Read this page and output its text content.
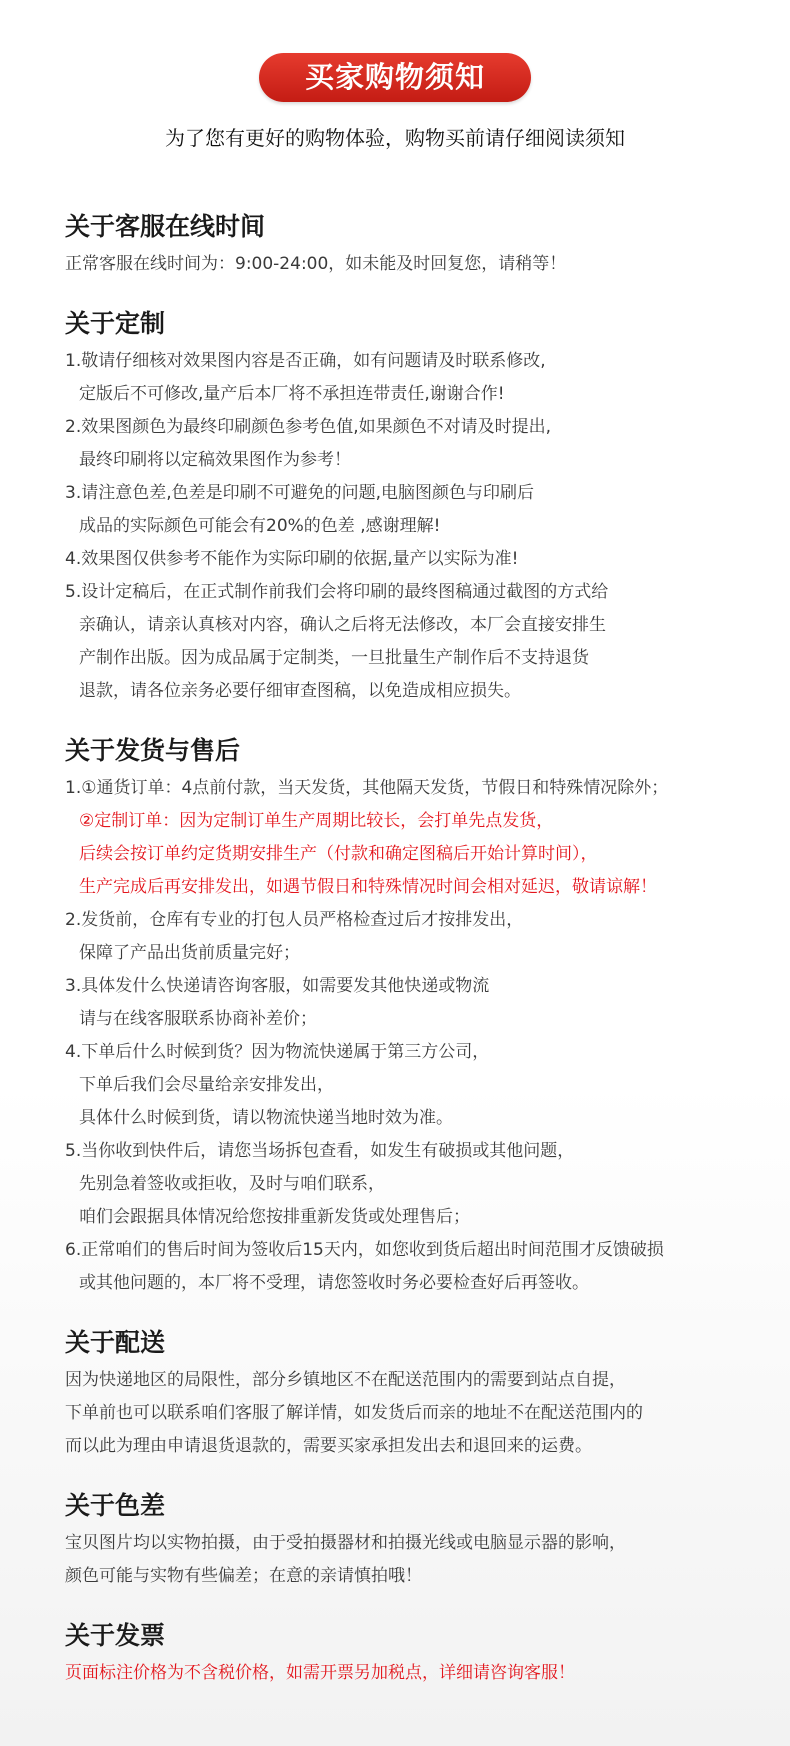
买家购物须知
为了您有更好的购物体验，购物买前请仔细阅读须知
关于客服在线时间
正常客服在线时间为：9:00-24:00，如未能及时回复您，请稍等！
关于定制
1.敬请仔细核对效果图内容是否正确，如有问题请及时联系修改,
定版后不可修改,量产后本厂将不承担连带责任,谢谢合作!
2.效果图颜色为最终印刷颜色参考色值,如果颜色不对请及时提出,
最终印刷将以定稿效果图作为参考！
3.请注意色差,色差是印刷不可避免的问题,电脑图颜色与印刷后
成品的实际颜色可能会有20%的色差 ,感谢理解!
4.效果图仅供参考不能作为实际印刷的依据,量产以实际为准!
5.设计定稿后，在正式制作前我们会将印刷的最终图稿通过截图的方式给
亲确认，请亲认真核对内容，确认之后将无法修改，本厂会直接安排生
产制作出版。因为成品属于定制类，一旦批量生产制作后不支持退货
退款，请各位亲务必要仔细审查图稿，以免造成相应损失。
关于发货与售后
1.①通货订单：4点前付款，当天发货，其他隔天发货，节假日和特殊情况除外；
②定制订单：因为定制订单生产周期比较长，会打单先点发货，
后续会按订单约定货期安排生产（付款和确定图稿后开始计算时间），
生产完成后再安排发出，如遇节假日和特殊情况时间会相对延迟，敬请谅解！
2.发货前，仓库有专业的打包人员严格检查过后才按排发出，
保障了产品出货前质量完好；
3.具体发什么快递请咨询客服，如需要发其他快递或物流
请与在线客服联系协商补差价；
4.下单后什么时候到货？因为物流快递属于第三方公司，
下单后我们会尽量给亲安排发出，
具体什么时候到货，请以物流快递当地时效为准。
5.当你收到快件后，请您当场拆包查看，如发生有破损或其他问题，
先别急着签收或拒收，及时与咱们联系，
咱们会跟据具体情况给您按排重新发货或处理售后；
6.正常咱们的售后时间为签收后15天内，如您收到货后超出时间范围才反馈破损
或其他问题的，本厂将不受理，请您签收时务必要检查好后再签收。
关于配送
因为快递地区的局限性，部分乡镇地区不在配送范围内的需要到站点自提，
下单前也可以联系咱们客服了解详情，如发货后而亲的地址不在配送范围内的
而以此为理由申请退货退款的，需要买家承担发出去和退回来的运费。
关于色差
宝贝图片均以实物拍摄，由于受拍摄器材和拍摄光线或电脑显示器的影响，
颜色可能与实物有些偏差；在意的亲请慎拍哦！
关于发票
页面标注价格为不含税价格，如需开票另加税点，详细请咨询客服！
